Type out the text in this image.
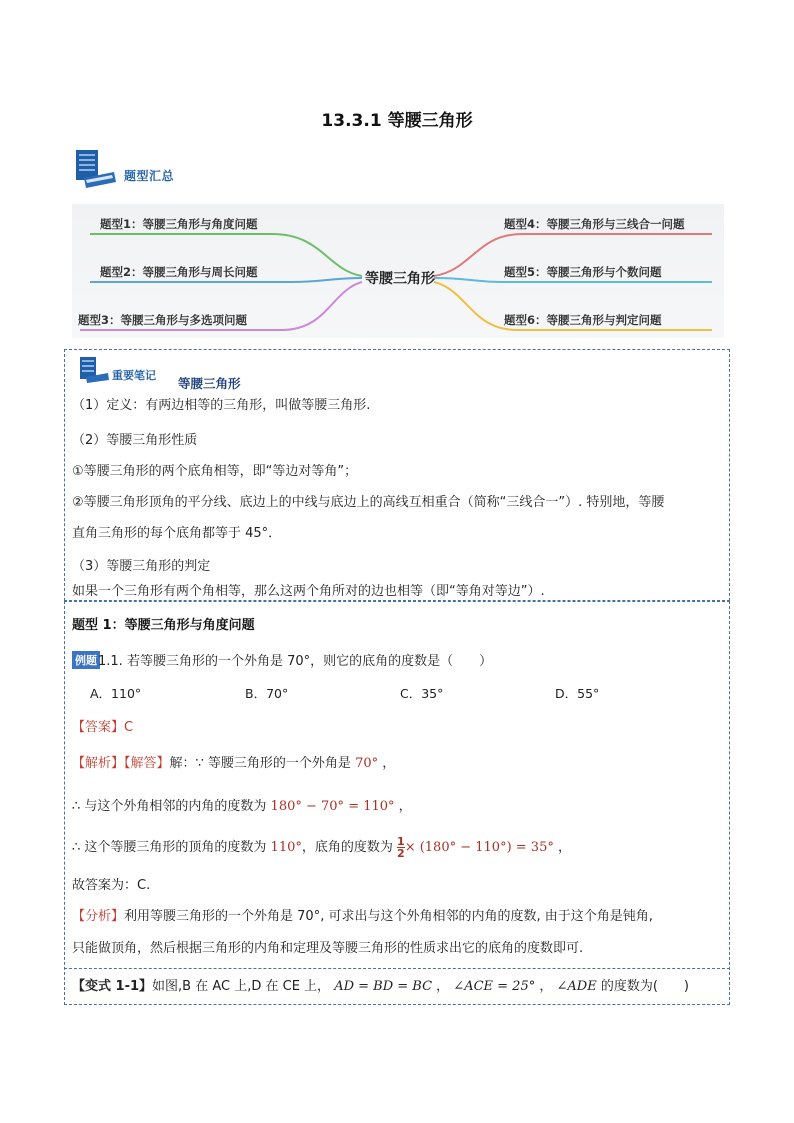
13.3.1 等腰三角形
题型汇总
题型1：等腰三角形与角度问题
题型2：等腰三角形与周长问题
题型3：等腰三角形与多选项问题
题型4：等腰三角形与三线合一问题
题型5：等腰三角形与个数问题
题型6：等腰三角形与判定问题
等腰三角形
重要笔记
等腰三角形
（1）定义：有两边相等的三角形，叫做等腰三角形.
（2）等腰三角形性质
①等腰三角形的两个底角相等，即“等边对等角”；
②等腰三角形顶角的平分线、底边上的中线与底边上的高线互相重合（简称“三线合一”）. 特别地，等腰
直角三角形的每个底角都等于 45°．
（3）等腰三角形的判定
如果一个三角形有两个角相等，那么这两个角所对的边也相等（即“等角对等边”）.
题型 1：等腰三角形与角度问题
例题 1.1. 若等腰三角形的一个外角是 70°，则它的底角的度数是（　　）
A．110°	B．70°	C．35°	D．55°
【答案】C
【解析】【解答】解：∵ 等腰三角形的一个外角是 70° ，
∴ 与这个外角相邻的内角的度数为 180° − 70° = 110° ，
∴ 这个等腰三角形的顶角的度数为 110°，底角的度数为 $\frac{1}{2} \times (180^\circ - 110^\circ) = 35^\circ$ ，
故答案为：C.
【分析】利用等腰三角形的一个外角是 70°, 可求出与这个外角相邻的内角的度数, 由于这个角是钝角,
只能做顶角，然后根据三角形的内角和定理及等腰三角形的性质求出它的底角的度数即可.
【变式 1-1】如图,B 在 AC 上,D 在 CE 上， AD = BD = BC ， ∠ACE = 25° ， ∠ADE 的度数为(　　)
